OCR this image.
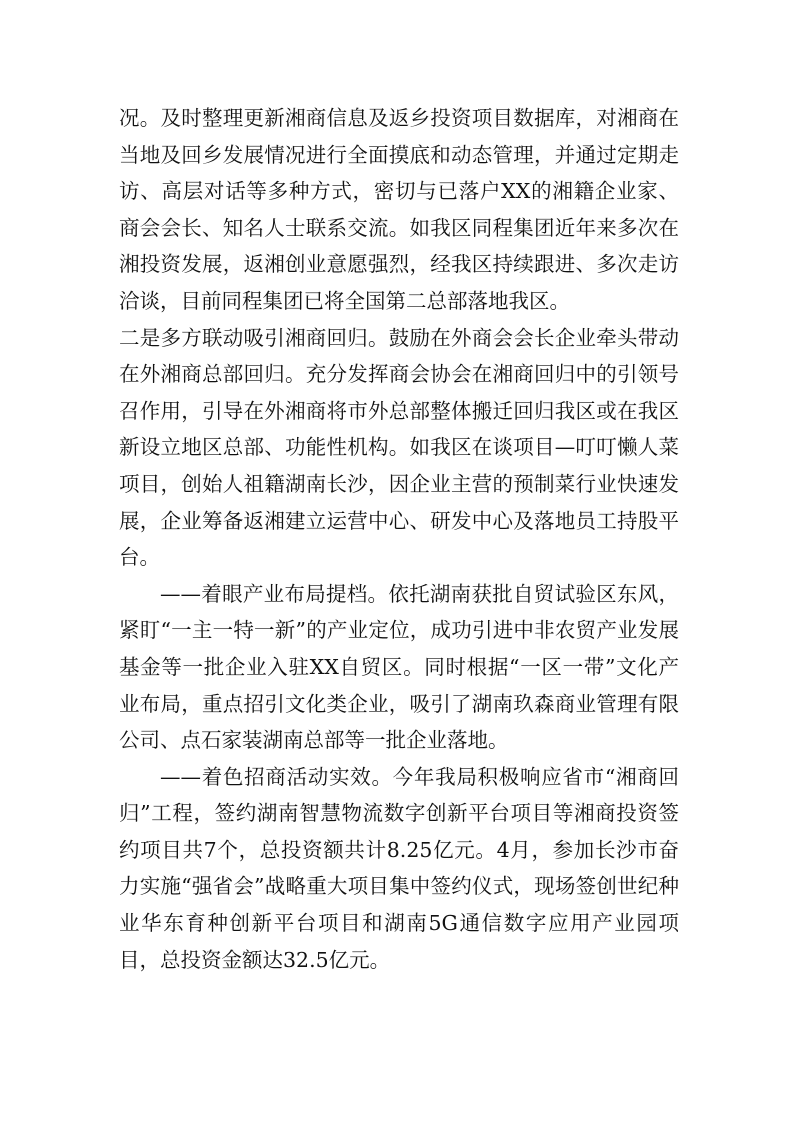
况。及时整理更新湘商信息及返乡投资项目数据库，对湘商在当地及回乡发展情况进行全面摸底和动态管理，并通过定期走访、高层对话等多种方式，密切与已落户XX的湘籍企业家、商会会长、知名人士联系交流。如我区同程集团近年来多次在湘投资发展，返湘创业意愿强烈，经我区持续跟进、多次走访洽谈，目前同程集团已将全国第二总部落地我区。

二是多方联动吸引湘商回归。鼓励在外商会会长企业牵头带动在外湘商总部回归。充分发挥商会协会在湘商回归中的引领号召作用，引导在外湘商将市外总部整体搬迁回归我区或在我区新设立地区总部、功能性机构。如我区在谈项目—叮叮懒人菜项目，创始人祖籍湖南长沙，因企业主营的预制菜行业快速发展，企业筹备返湘建立运营中心、研发中心及落地员工持股平台。

——着眼产业布局提档。依托湖南获批自贸试验区东风，紧盯“一主一特一新”的产业定位，成功引进中非农贸产业发展基金等一批企业入驻XX自贸区。同时根据“一区一带”文化产业布局，重点招引文化类企业，吸引了湖南玖森商业管理有限公司、点石家装湖南总部等一批企业落地。

——着色招商活动实效。今年我局积极响应省市“湘商回归”工程，签约湖南智慧物流数字创新平台项目等湘商投资签约项目共7个，总投资额共计8.25亿元。4月，参加长沙市奋力实施“强省会”战略重大项目集中签约仪式，现场签创世纪种业华东育种创新平台项目和湖南5G通信数字应用产业园项目，总投资金额达32.5亿元。
